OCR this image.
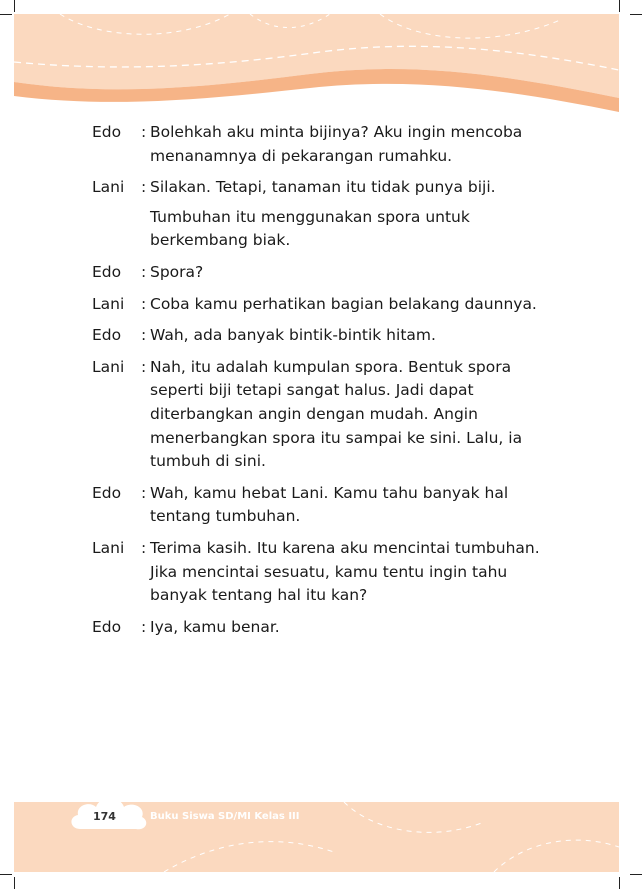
Edo	: Bolehkah aku minta bijinya? Aku ingin mencoba menanamnya di pekarangan rumahku.
Lani : Silakan. Tetapi, tanaman itu tidak punya biji.
Tumbuhan itu menggunakan spora untuk berkembang biak.
Edo	: Spora?
Lani : Coba kamu perhatikan bagian belakang daunnya.
Edo	: Wah, ada banyak bintik-bintik hitam.
Lani : Nah, itu adalah kumpulan spora. Bentuk spora seperti biji tetapi sangat halus. Jadi dapat diterbangkan angin dengan mudah. Angin menerbangkan spora itu sampai ke sini. Lalu, ia tumbuh di sini.
Edo	: Wah, kamu hebat Lani. Kamu tahu banyak hal tentang tumbuhan.
Lani : Terima kasih. Itu karena aku mencintai tumbuhan. Jika mencintai sesuatu, kamu tentu ingin tahu banyak tentang hal itu kan?
Edo	: Iya, kamu benar.
174	Buku Siswa SD/MI Kelas III
